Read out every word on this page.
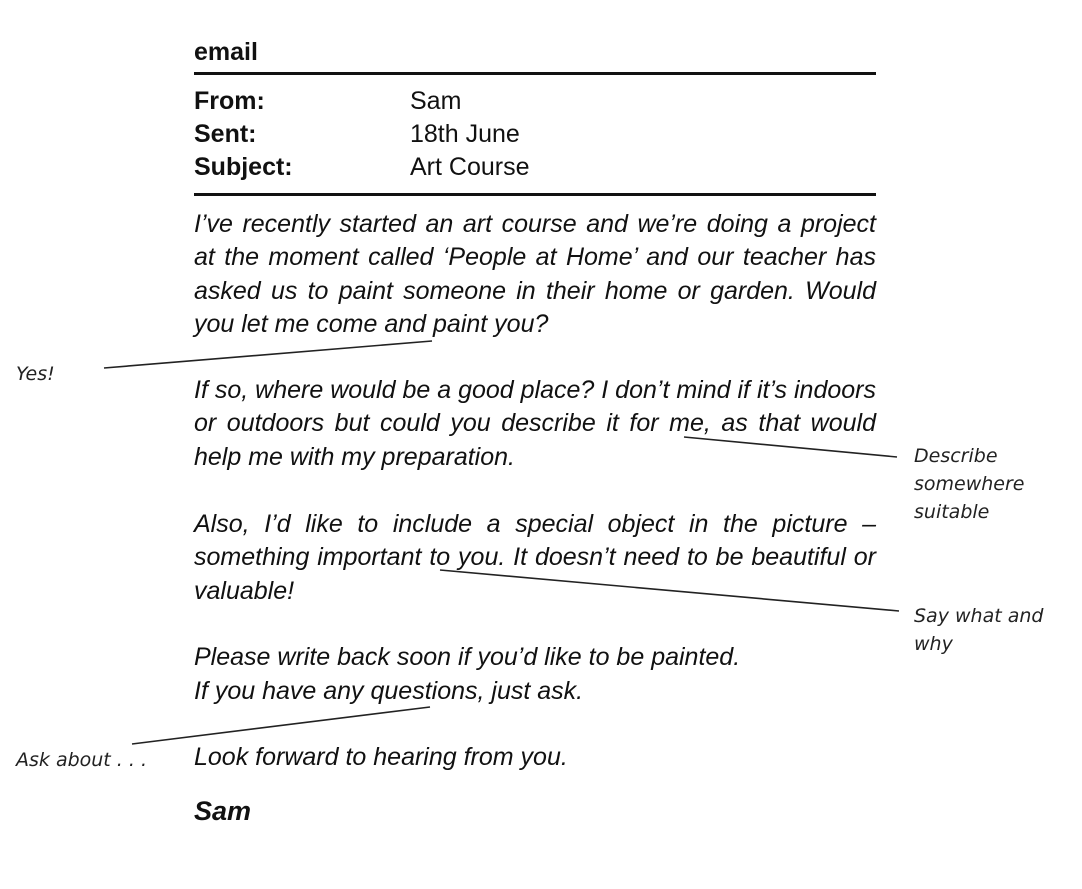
email
From:	Sam
Sent:	18th June
Subject:	Art Course
I’ve recently started an art course and we’re doing a project at the moment called ‘People at Home’ and our teacher has asked us to paint someone in their home or garden. Would you let me come and paint you?
If so, where would be a good place? I don’t mind if it’s indoors or outdoors but could you describe it for me, as that would help me with my preparation.
Also, I’d like to include a special object in the picture – something important to you. It doesn’t need to be beautiful or valuable!
Please write back soon if you’d like to be painted.
If you have any questions, just ask.
Look forward to hearing from you.
Sam
Yes!
Describe
somewhere
suitable
Say what and
why
Ask about . . .
